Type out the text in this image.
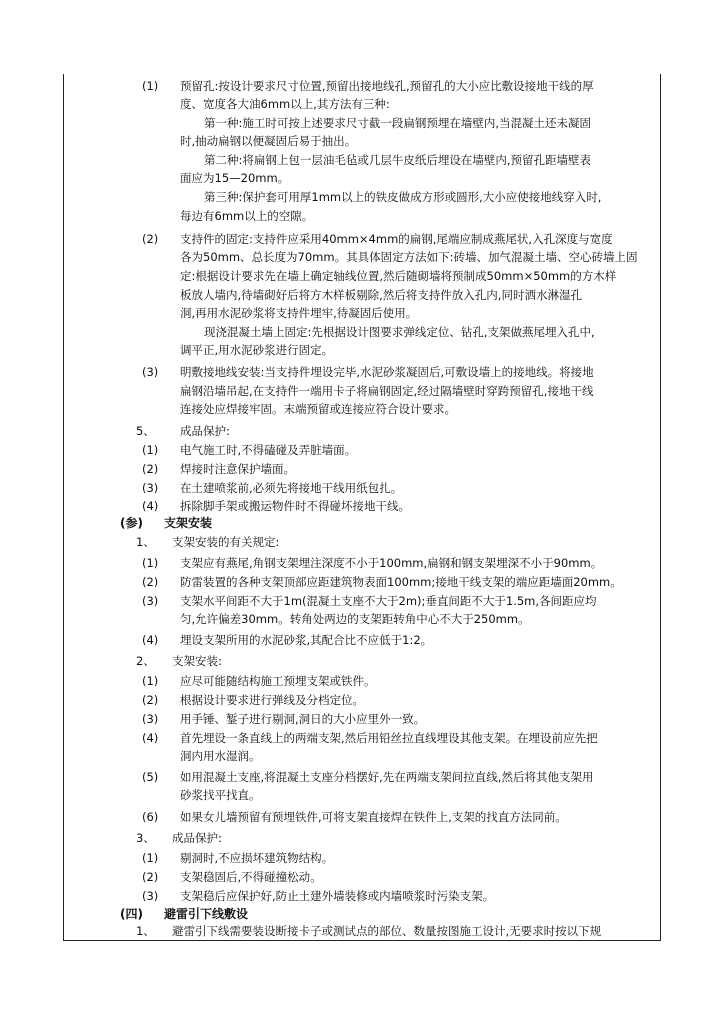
(1) 预留孔:按设计要求尺寸位置,预留出接地线孔,预留孔的大小应比敷设接地干线的厚
度、宽度各大油6mm以上,其方法有三种:
第一种:施工时可按上述要求尺寸截一段扁钢预埋在墙壁内,当混凝土还未凝固
时,抽动扁钢以便凝固后易于抽出。
第二种:将扁钢上包一层油毛毡或几层牛皮纸后埋设在墙壁内,预留孔距墙壁表
面应为15—20mm。
第三种:保护套可用厚1mm以上的铁皮做成方形或圆形,大小应使接地线穿入时,
每边有6mm以上的空隙。
(2) 支持件的固定:支持件应采用40mm×4mm的扁钢,尾端应制成燕尾状,入孔深度与宽度
各为50mm、总长度为70mm。其具体固定方法如下:砖墙、加气混凝土墙、空心砖墙上固
定:根据设计要求先在墙上确定轴线位置,然后随砌墙将预制成50mm×50mm的方木样
板放人墙内,待墙砌好后将方木样板剔除,然后将支持件放入孔内,同时洒水淋湿孔
洞,再用水泥砂浆将支持件埋牢,待凝固后使用。
现浇混凝土墙上固定:先根据设计图要求弹线定位、钻孔,支架做燕尾埋入孔中,
调平正,用水泥砂浆进行固定。
(3) 明敷接地线安装:当支持件埋设完毕,水泥砂浆凝固后,可敷设墙上的接地线。将接地
扁钢沿墙吊起,在支持件一端用卡子将扁钢固定,经过隔墙壁时穿跨预留孔,接地干线
连接处应焊接牢固。末端预留或连接应符合设计要求。
5、 成品保护:
(1) 电气施工时,不得磕碰及弄脏墙面。
(2) 焊接时注意保护墙面。
(3) 在土建喷浆前,必须先将接地干线用纸包扎。
(4) 拆除脚手架或搬运物件时不得碰坏接地干线。
(参) 支架安装
1、 支架安装的有关规定:
(1) 支架应有燕尾,角钢支架埋注深度不小于100mm,扁钢和钢支架埋深不小于90mm。
(2) 防雷装置的各种支架顶部应距建筑物表面100mm;接地干线支架的端应距墙面20mm。
(3) 支架水平间距不大于1m(混凝土支座不大于2m);垂直间距不大于1.5m,各间距应均
匀,允许偏差30mm。转角处两边的支架距转角中心不大于250mm。
(4) 埋设支架所用的水泥砂浆,其配合比不应低于1:2。
2、 支架安装:
(1) 应尽可能随结构施工预埋支架或铁件。
(2) 根据设计要求进行弹线及分档定位。
(3) 用手锤、錾子进行剔洞,洞日的大小应里外一致。
(4) 首先埋设一条直线上的两端支架,然后用铅丝拉直线埋设其他支架。在埋设前应先把
洞内用水湿润。
(5) 如用混凝土支座,将混凝土支座分档摆好,先在两端支架间拉直线,然后将其他支架用
砂浆找平找直。
(6) 如果女儿墙预留有预埋铁件,可将支架直接焊在铁件上,支架的找直方法同前。
3、 成品保护:
(1) 剔洞时,不应损坏建筑物结构。
(2) 支架稳固后,不得碰撞松动。
(3) 支架稳后应保护好,防止土建外墙装修或内墙喷浆时污染支架。
(四) 避雷引下线敷设
1、 避雷引下线需要装设断接卡子或测试点的部位、数量按图施工设计,无要求时按以下规
